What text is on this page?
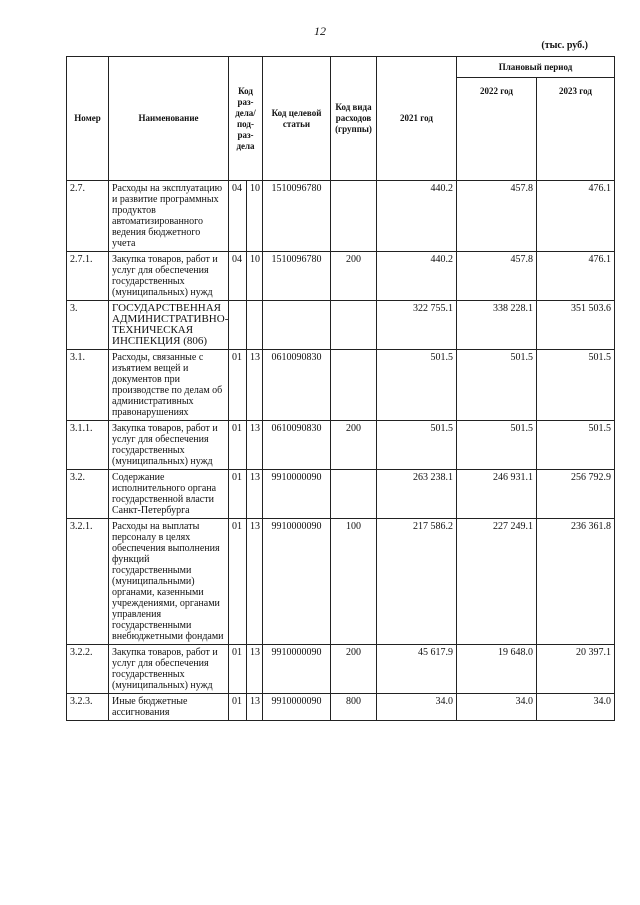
12
(тыс. руб.)
Номер	Наименование	Код раз-дела/ под-раз-дела		Код целевой статьи	Код вида расходов (группы)	2021 год	Плановый период	
							2022 год	2023 год
2.7.	Расходы на эксплуатацию и развитие программных продуктов автоматизированного ведения бюджетного учета	04	10	1510096780		440.2	457.8	476.1
2.7.1.	Закупка товаров, работ и услуг для обеспечения государственных (муниципальных) нужд	04	10	1510096780	200	440.2	457.8	476.1
3.	ГОСУДАРСТВЕННАЯ АДМИНИСТРАТИВНО-ТЕХНИЧЕСКАЯ ИНСПЕКЦИЯ (806)					322 755.1	338 228.1	351 503.6
3.1.	Расходы, связанные с изъятием вещей и документов при производстве по делам об административных правонарушениях	01	13	0610090830		501.5	501.5	501.5
3.1.1.	Закупка товаров, работ и услуг для обеспечения государственных (муниципальных) нужд	01	13	0610090830	200	501.5	501.5	501.5
3.2.	Содержание исполнительного органа государственной власти Санкт-Петербурга	01	13	9910000090		263 238.1	246 931.1	256 792.9
3.2.1.	Расходы на выплаты персоналу в целях обеспечения выполнения функций государственными (муниципальными) органами, казенными учреждениями, органами управления государственными внебюджетными фондами	01	13	9910000090	100	217 586.2	227 249.1	236 361.8
3.2.2.	Закупка товаров, работ и услуг для обеспечения государственных (муниципальных) нужд	01	13	9910000090	200	45 617.9	19 648.0	20 397.1
3.2.3.	Иные бюджетные ассигнования	01	13	9910000090	800	34.0	34.0	34.0
